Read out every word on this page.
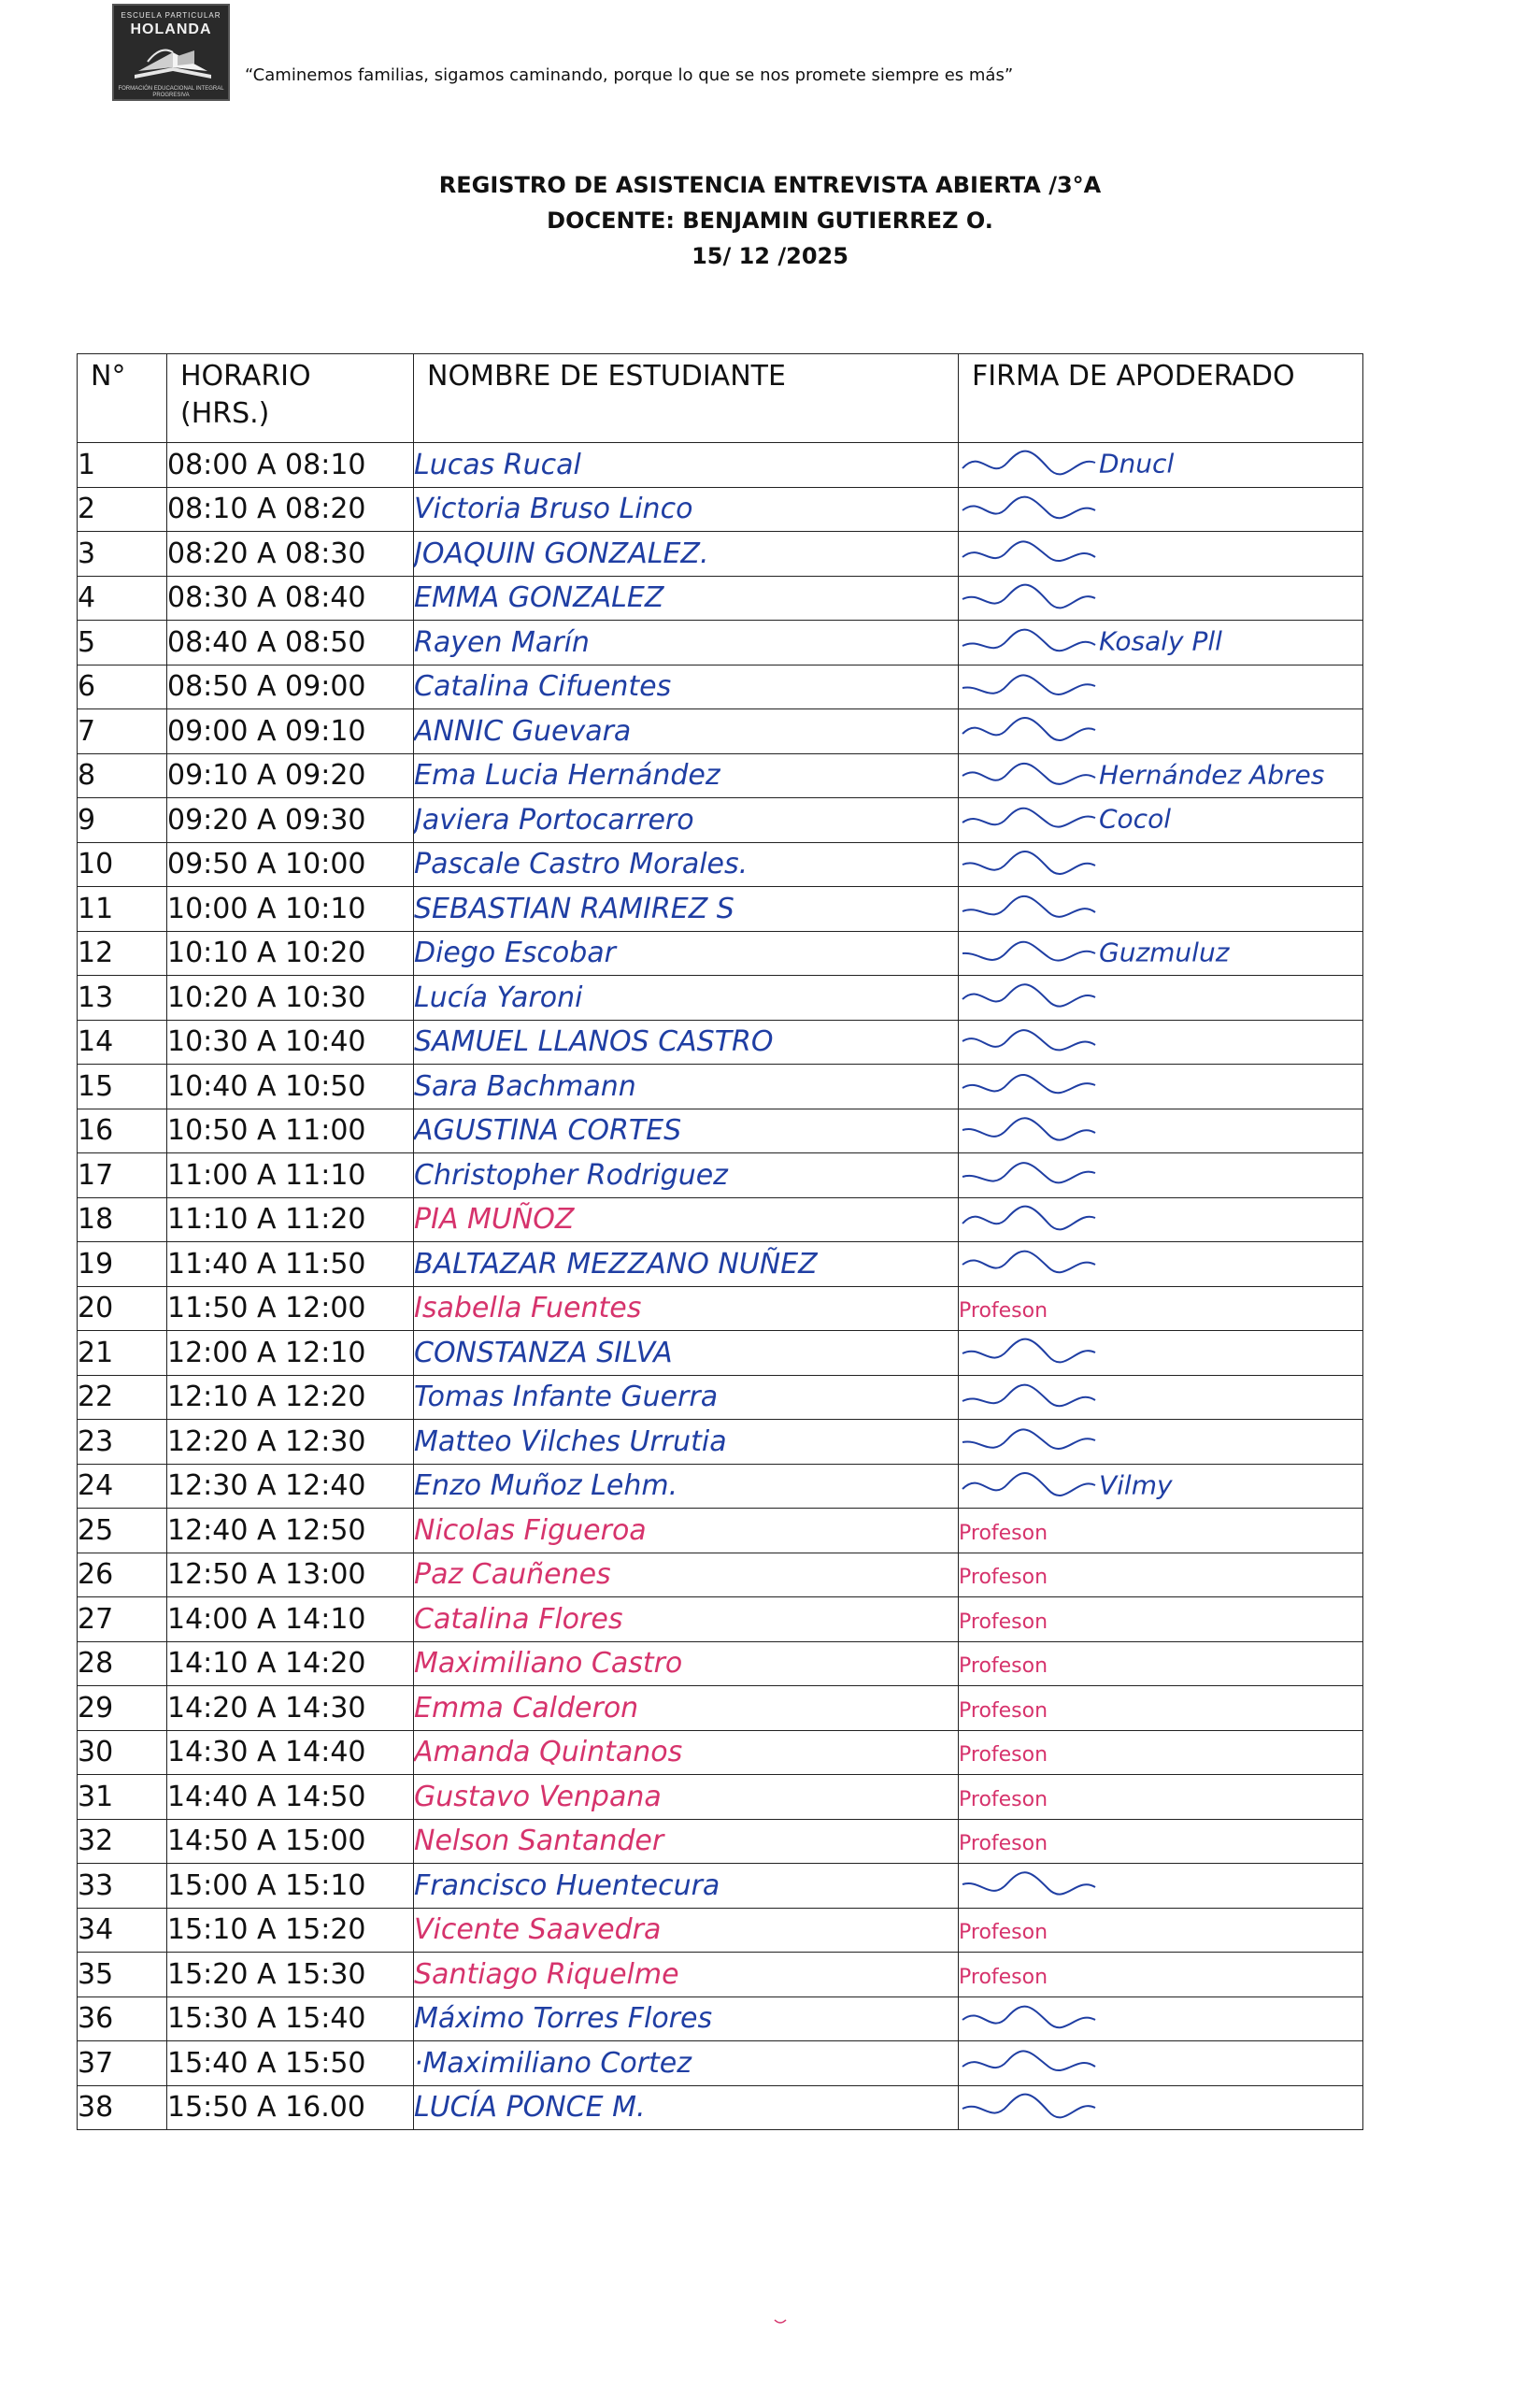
ESCUELA PARTICULAR
HOLANDA
FORMACIÓN EDUCACIONAL INTEGRAL PROGRESIVA
“Caminemos familias, sigamos caminando, porque lo que se nos promete siempre es más”
REGISTRO DE ASISTENCIA ENTREVISTA ABIERTA /3°A
DOCENTE: BENJAMIN GUTIERREZ O.
15/ 12 /2025
N°	HORARIO (HRS.)	NOMBRE DE ESTUDIANTE	FIRMA DE APODERADO
1	08:00 A 08:10	Lucas Rucal	Dnucl
2	08:10 A 08:20	Victoria Bruso Linco	
3	08:20 A 08:30	JOAQUIN GONZALEZ.	
4	08:30 A 08:40	EMMA GONZALEZ	
5	08:40 A 08:50	Rayen Marín	Kosaly Pll
6	08:50 A 09:00	Catalina Cifuentes	
7	09:00 A 09:10	ANNIC Guevara	
8	09:10 A 09:20	Ema Lucia Hernández	Hernández Abres
9	09:20 A 09:30	Javiera Portocarrero	Cocol
10	09:50 A 10:00	Pascale Castro Morales.	
11	10:00 A 10:10	SEBASTIAN RAMIREZ S	
12	10:10 A 10:20	Diego Escobar	Guzmuluz
13	10:20 A 10:30	Lucía Yaroni	
14	10:30 A 10:40	SAMUEL LLANOS CASTRO	
15	10:40 A 10:50	Sara Bachmann	
16	10:50 A 11:00	AGUSTINA CORTES	
17	11:00 A 11:10	Christopher Rodriguez	
18	11:10 A 11:20	PIA MUÑOZ	
19	11:40 A 11:50	BALTAZAR MEZZANO NUÑEZ	
20	11:50 A 12:00	Isabella Fuentes	Profeson
21	12:00 A 12:10	CONSTANZA SILVA	
22	12:10 A 12:20	Tomas Infante Guerra	
23	12:20 A 12:30	Matteo Vilches Urrutia	
24	12:30 A 12:40	Enzo Muñoz Lehm.	Vilmy
25	12:40 A 12:50	Nicolas Figueroa	Profeson
26	12:50 A 13:00	Paz Cauñenes	Profeson
27	14:00 A 14:10	Catalina Flores	Profeson
28	14:10 A 14:20	Maximiliano Castro	Profeson
29	14:20 A 14:30	Emma Calderon	Profeson
30	14:30 A 14:40	Amanda Quintanos	Profeson
31	14:40 A 14:50	Gustavo Venpana	Profeson
32	14:50 A 15:00	Nelson Santander	Profeson
33	15:00 A 15:10	Francisco Huentecura	
34	15:10 A 15:20	Vicente Saavedra	Profeson
35	15:20 A 15:30	Santiago Riquelme	Profeson
36	15:30 A 15:40	Máximo Torres Flores	
37	15:40 A 15:50	·Maximiliano Cortez	
38	15:50 A 16.00	LUCÍA PONCE M.	
